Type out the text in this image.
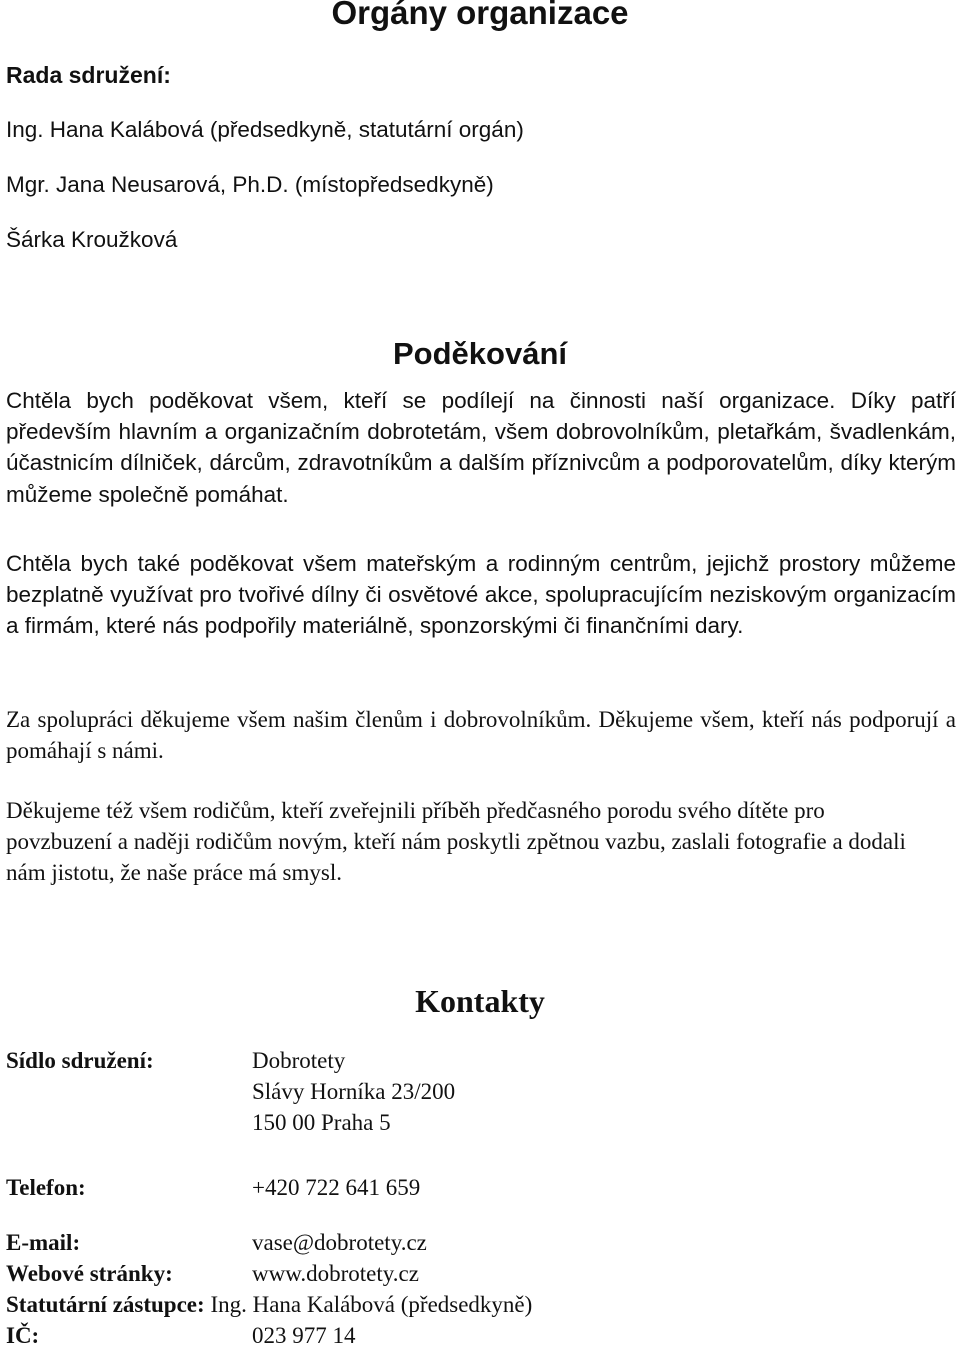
Orgány organizace
Rada sdružení:
Ing. Hana Kalábová (předsedkyně, statutární orgán)
Mgr. Jana Neusarová, Ph.D. (místopředsedkyně)
Šárka Kroužková
Poděkování

Chtěla bych poděkovat všem, kteří se podílejí na činnosti naší organizace. Díky patří především hlavním a organizačním dobrotetám, všem dobrovolníkům, pletařkám, švadlenkám, účastnicím dílniček, dárcům, zdravotníkům a dalším příznivcům a podporovatelům, díky kterým můžeme společně pomáhat.

Chtěla bych také poděkovat všem mateřským a rodinným centrům, jejichž prostory můžeme bezplatně využívat pro tvořivé dílny či osvětové akce, spolupracujícím neziskovým organizacím a firmám, které nás podpořily materiálně, sponzorskými či finančními dary.

Za spolupráci děkujeme všem našim členům i dobrovolníkům. Děkujeme všem, kteří nás podporují a pomáhají s námi.

Děkujeme též všem rodičům, kteří zveřejnili příběh předčasného porodu svého dítěte pro povzbuzení a naději rodičům novým, kteří nám poskytli zpětnou vazbu, zaslali fotografie a dodali nám jistotu, že naše práce má smysl.

Kontakty
Sídlo sdružení:	Dobrotety
Slávy Horníka 23/200
150 00 Praha 5
Telefon:	+420 722 641 659
E-mail:	vase@dobrotety.cz
Webové stránky:	www.dobrotety.cz
Statutární zástupce: Ing. Hana Kalábová (předsedkyně)
IČ:	023 977 14
